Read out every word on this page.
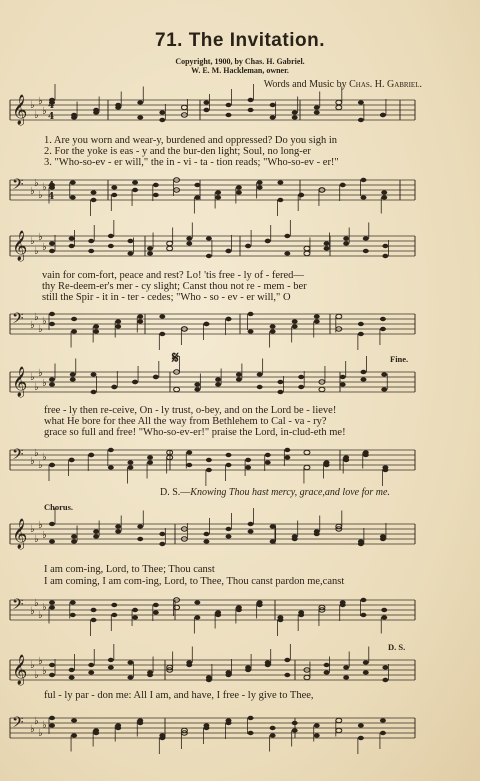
71. The Invitation.
Copyright, 1900, by Chas. H. Gabriel.
W. E. M. Hackleman, owner.
Words and Music by Chas. H. Gabriel.
𝄞 ♭
♭
♭
♭ 4
4
1. Are you worn and wear-y, burdened and oppressed? Do you sigh in
2. For the yoke is eas - y and the bur-den light; Soul, no long-er
3. "Who-so-ev - er will," the in - vi - ta - tion reads; "Who-so-ev - er!"
𝄢 ♭
♭
♭
♭ 4
4
𝄞 ♭
♭
♭
♭
vain for com-fort, peace and rest? Lo! 'tis free - ly of - fered—
thy Re-deem-er's mer - cy slight; Canst thou not re - mem - ber
still the Spir - it in - ter - cedes; "Who - so - ev - er will," O
𝄢 ♭
♭
♭
♭
𝄋	Fine.
𝄞 ♭
♭
♭
♭
free - ly then re-ceive, On - ly trust, o-bey, and on the Lord be - lieve!
what He bore for thee All the way from Bethlehem to Cal - va - ry?
grace so full and free! "Who-so-ev-er!" praise the Lord, in-clud-eth me!
𝄢 ♭
♭
♭
♭
D. S.—Knowing Thou hast mercy, grace,and love for me.
Chorus.
𝄞 ♭
♭
♭
♭
I am com-ing, Lord, to Thee; Thou canst
I am coming, I am com-ing, Lord, to Thee, Thou canst pardon me,canst
𝄢 ♭
♭
♭
♭
D. S.
𝄞 ♭
♭
♭
♭
ful - ly par - don me: All I am, and have, I free - ly give to Thee,
𝄢 ♭
♭
♭
♭
